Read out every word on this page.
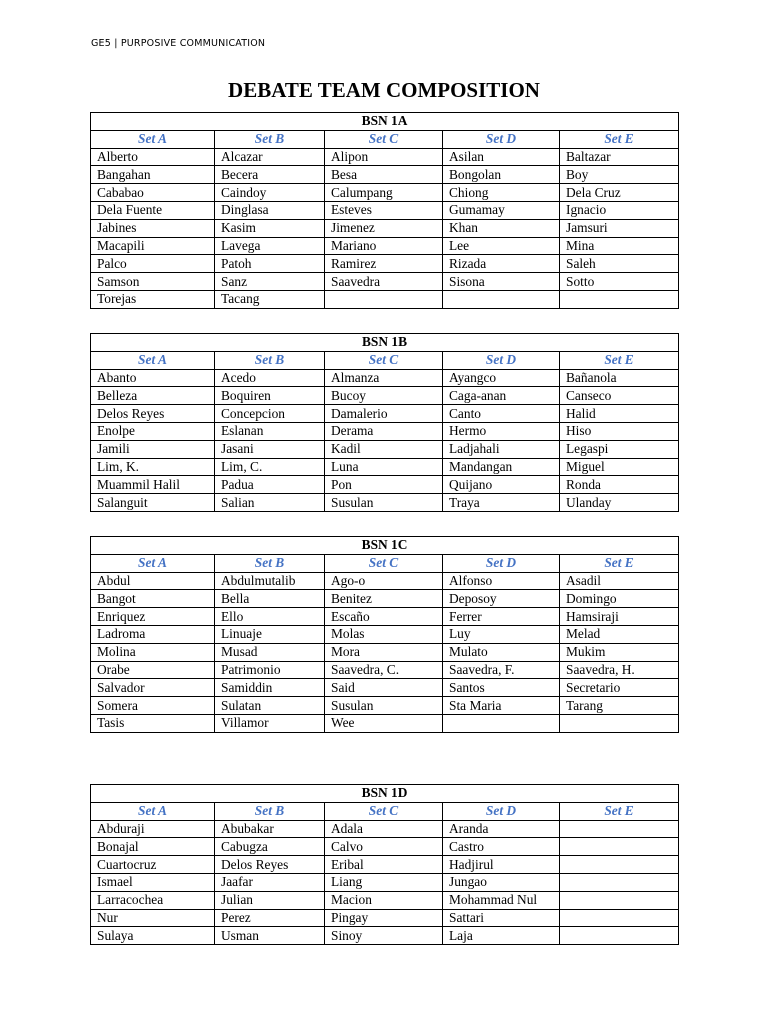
GE5 | PURPOSIVE COMMUNICATION
DEBATE TEAM COMPOSITION
BSN 1A				
Set A	Set B	Set C	Set D	Set E
Alberto	Alcazar	Alipon	Asilan	Baltazar
Bangahan	Becera	Besa	Bongolan	Boy
Cababao	Caindoy	Calumpang	Chiong	Dela Cruz
Dela Fuente	Dinglasa	Esteves	Gumamay	Ignacio
Jabines	Kasim	Jimenez	Khan	Jamsuri
Macapili	Lavega	Mariano	Lee	Mina
Palco	Patoh	Ramirez	Rizada	Saleh
Samson	Sanz	Saavedra	Sisona	Sotto
Torejas	Tacang			
BSN 1B				
Set A	Set B	Set C	Set D	Set E
Abanto	Acedo	Almanza	Ayangco	Bañanola
Belleza	Boquiren	Bucoy	Caga-anan	Canseco
Delos Reyes	Concepcion	Damalerio	Canto	Halid
Enolpe	Eslanan	Derama	Hermo	Hiso
Jamili	Jasani	Kadil	Ladjahali	Legaspi
Lim, K.	Lim, C.	Luna	Mandangan	Miguel
Muammil Halil	Padua	Pon	Quijano	Ronda
Salanguit	Salian	Susulan	Traya	Ulanday
BSN 1C				
Set A	Set B	Set C	Set D	Set E
Abdul	Abdulmutalib	Ago-o	Alfonso	Asadil
Bangot	Bella	Benitez	Deposoy	Domingo
Enriquez	Ello	Escaño	Ferrer	Hamsiraji
Ladroma	Linuaje	Molas	Luy	Melad
Molina	Musad	Mora	Mulato	Mukim
Orabe	Patrimonio	Saavedra, C.	Saavedra, F.	Saavedra, H.
Salvador	Samiddin	Said	Santos	Secretario
Somera	Sulatan	Susulan	Sta Maria	Tarang
Tasis	Villamor	Wee		
BSN 1D				
Set A	Set B	Set C	Set D	Set E
Abduraji	Abubakar	Adala	Aranda	
Bonajal	Cabugza	Calvo	Castro	
Cuartocruz	Delos Reyes	Eribal	Hadjirul	
Ismael	Jaafar	Liang	Jungao	
Larracochea	Julian	Macion	Mohammad Nul	
Nur	Perez	Pingay	Sattari	
Sulaya	Usman	Sinoy	Laja	
